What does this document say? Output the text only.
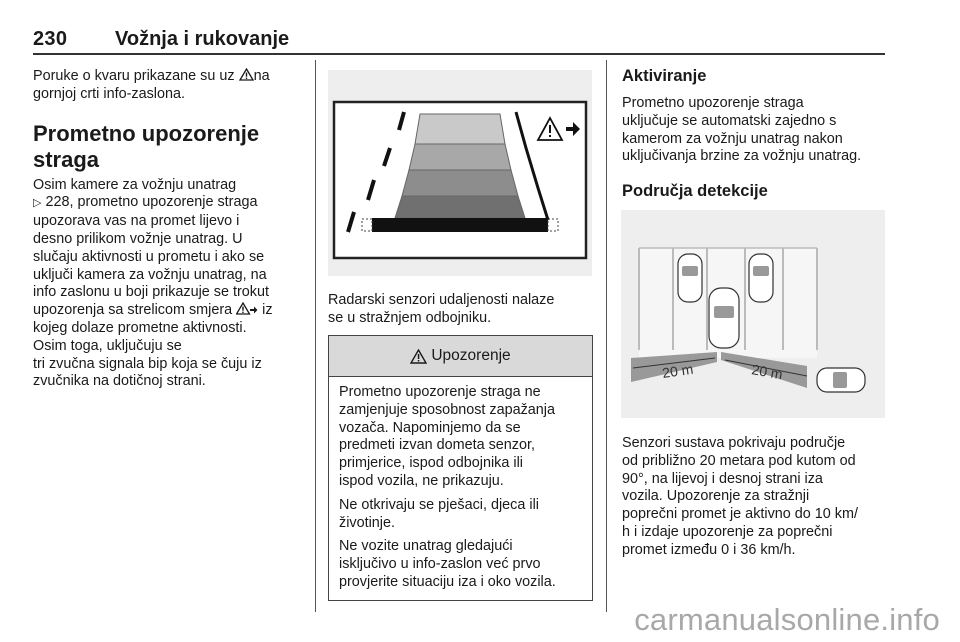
230 Vožnja i rukovanje
Poruke o kvaru prikazane su uz na
gornjoj crti info-zaslona.
Prometno upozorenje
straga
Osim kamere za vožnju unatrag
▷ 228, prometno upozorenje straga
upozorava vas na promet lijevo i
desno prilikom vožnje unatrag. U
slučaju aktivnosti u prometu i ako se
uključi kamera za vožnju unatrag, na
info zaslonu u boji prikazuje se trokut
upozorenja sa strelicom smjera iz
kojeg dolaze prometne aktivnosti.
Osim toga, uključuju se
tri zvučna signala bip koja se čuju iz
zvučnika na dotičnoj strani.
Radarski senzori udaljenosti nalaze
se u stražnjem odbojniku.
Upozorenje

Prometno upozorenje straga ne
zamjenjuje sposobnost zapažanja
vozača. Napominjemo da se
predmeti izvan dometa senzor,
primjerice, ispod odbojnika ili
ispod vozila, ne prikazuju.

Ne otkrivaju se pješaci, djeca ili
životinje.

Ne vozite unatrag gledajući
isključivo u info-zaslon već prvo
provjerite situaciju iza i oko vozila.

Aktiviranje
Prometno upozorenje straga
uključuje se automatski zajedno s
kamerom za vožnju unatrag nakon
uključivanja brzine za vožnju unatrag.
Područja detekcije
20 m	20 m
Senzori sustava pokrivaju područje
od približno 20 metara pod kutom od
90°, na lijevoj i desnoj strani iza
vozila. Upozorenje za stražnji
poprečni promet je aktivno do 10 km/
h i izdaje upozorenje za poprečni
promet između 0 i 36 km/h.
carmanualsonline.info
